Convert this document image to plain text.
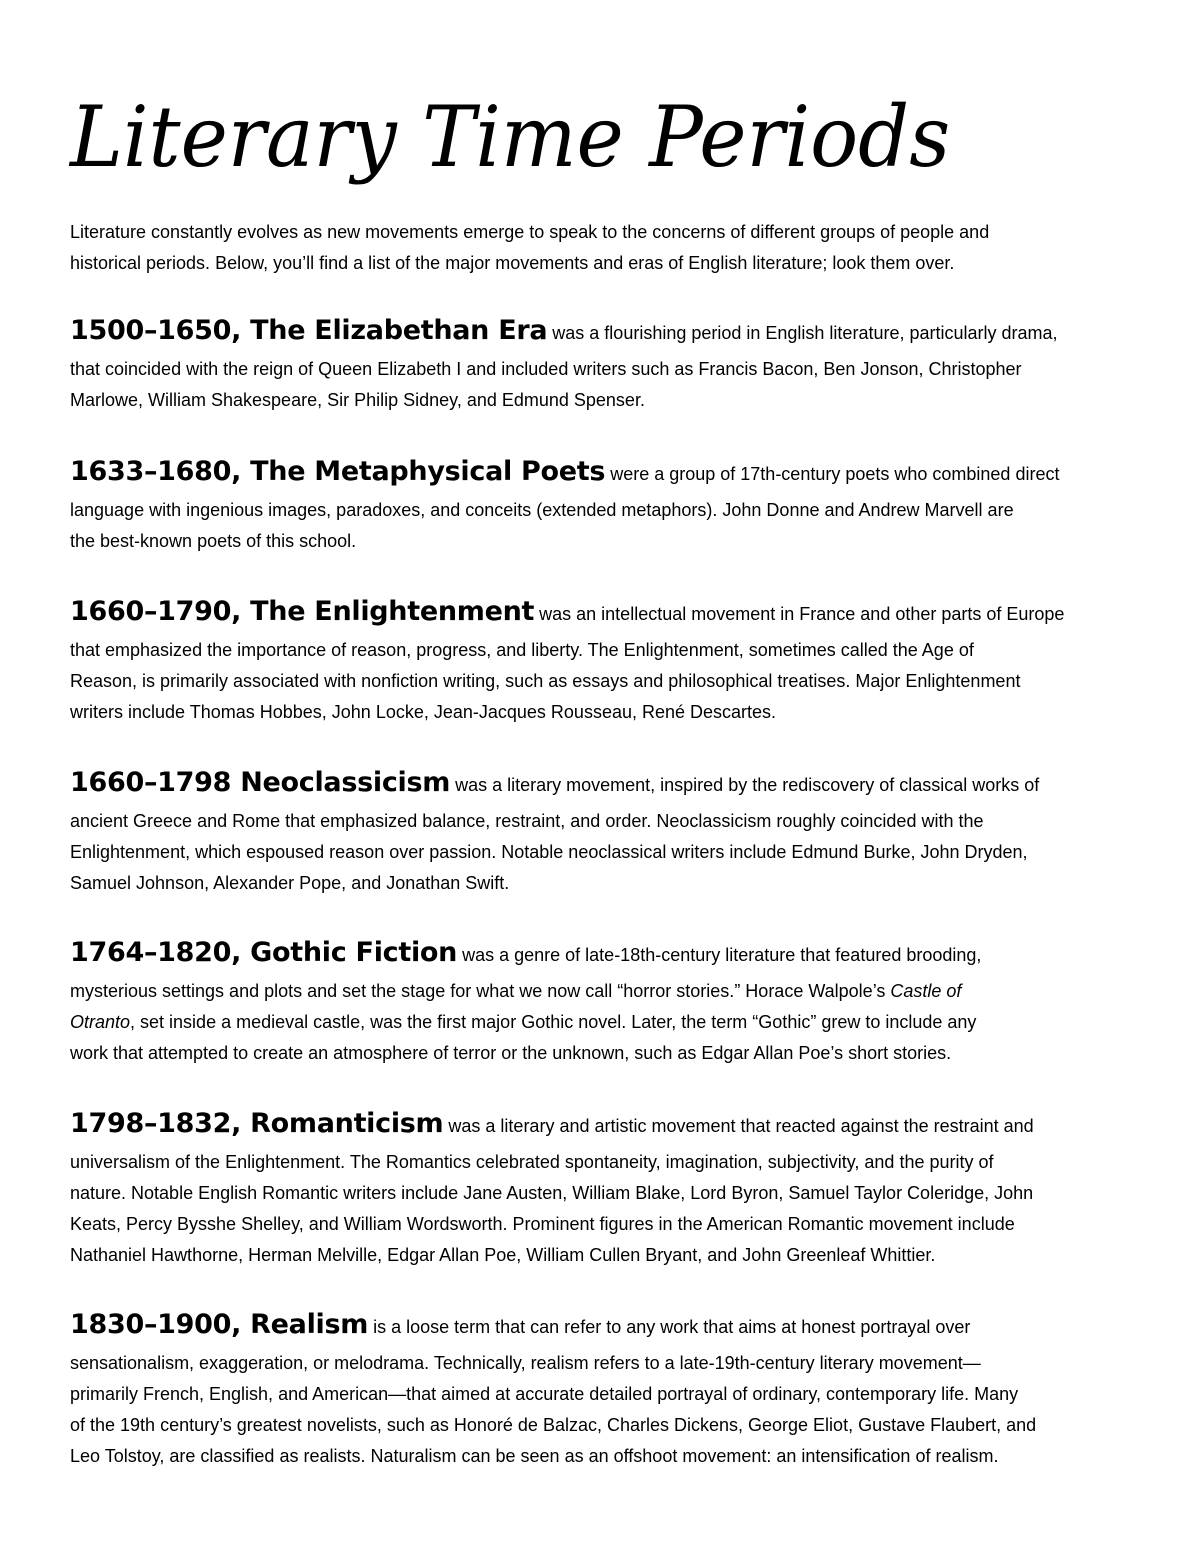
Literary Time Periods

Literature constantly evolves as new movements emerge to speak to the concerns of different groups of people and
historical periods. Below, you’ll find a list of the major movements and eras of English literature; look them over.

1500–1650, The Elizabethan Era was a flourishing period in English literature, particularly drama,
that coincided with the reign of Queen Elizabeth I and included writers such as Francis Bacon, Ben Jonson, Christopher
Marlowe, William Shakespeare, Sir Philip Sidney, and Edmund Spenser.
1633–1680, The Metaphysical Poets were a group of 17th-century poets who combined direct
language with ingenious images, paradoxes, and conceits (extended metaphors). John Donne and Andrew Marvell are
the best-known poets of this school.
1660–1790, The Enlightenment was an intellectual movement in France and other parts of Europe
that emphasized the importance of reason, progress, and liberty. The Enlightenment, sometimes called the Age of
Reason, is primarily associated with nonfiction writing, such as essays and philosophical treatises. Major Enlightenment
writers include Thomas Hobbes, John Locke, Jean-Jacques Rousseau, René Descartes.
1660–1798 Neoclassicism was a literary movement, inspired by the rediscovery of classical works of
ancient Greece and Rome that emphasized balance, restraint, and order. Neoclassicism roughly coincided with the
Enlightenment, which espoused reason over passion. Notable neoclassical writers include Edmund Burke, John Dryden,
Samuel Johnson, Alexander Pope, and Jonathan Swift.
1764–1820, Gothic Fiction was a genre of late-18th-century literature that featured brooding,
mysterious settings and plots and set the stage for what we now call “horror stories.” Horace Walpole’s Castle of
Otranto, set inside a medieval castle, was the first major Gothic novel. Later, the term “Gothic” grew to include any
work that attempted to create an atmosphere of terror or the unknown, such as Edgar Allan Poe’s short stories.
1798–1832, Romanticism was a literary and artistic movement that reacted against the restraint and
universalism of the Enlightenment. The Romantics celebrated spontaneity, imagination, subjectivity, and the purity of
nature. Notable English Romantic writers include Jane Austen, William Blake, Lord Byron, Samuel Taylor Coleridge, John
Keats, Percy Bysshe Shelley, and William Wordsworth. Prominent figures in the American Romantic movement include
Nathaniel Hawthorne, Herman Melville, Edgar Allan Poe, William Cullen Bryant, and John Greenleaf Whittier.
1830–1900, Realism is a loose term that can refer to any work that aims at honest portrayal over
sensationalism, exaggeration, or melodrama. Technically, realism refers to a late-19th-century literary movement—
primarily French, English, and American—that aimed at accurate detailed portrayal of ordinary, contemporary life. Many
of the 19th century’s greatest novelists, such as Honoré de Balzac, Charles Dickens, George Eliot, Gustave Flaubert, and
Leo Tolstoy, are classified as realists. Naturalism can be seen as an offshoot movement: an intensification of realism.
